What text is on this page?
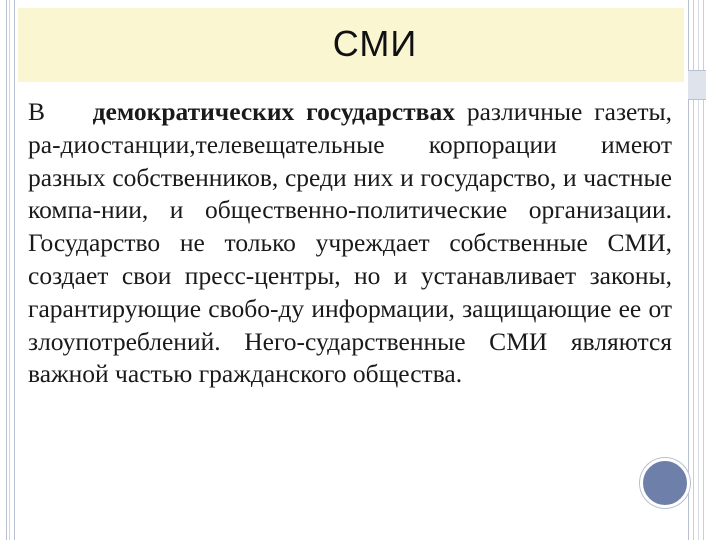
СМИ

В демократических государствах различные газеты, ра-диостанции,телевещательные корпорации имеют разных собственников, среди них и государство, и частные компа-нии, и общественно-политические организации. Государство не только учреждает собственные СМИ, создает свои пресс-центры, но и устанавливает законы, гарантирующие свобо-ду информации, защищающие ее от злоупотреблений. Него-сударственные СМИ являются важной частью гражданского общества.
